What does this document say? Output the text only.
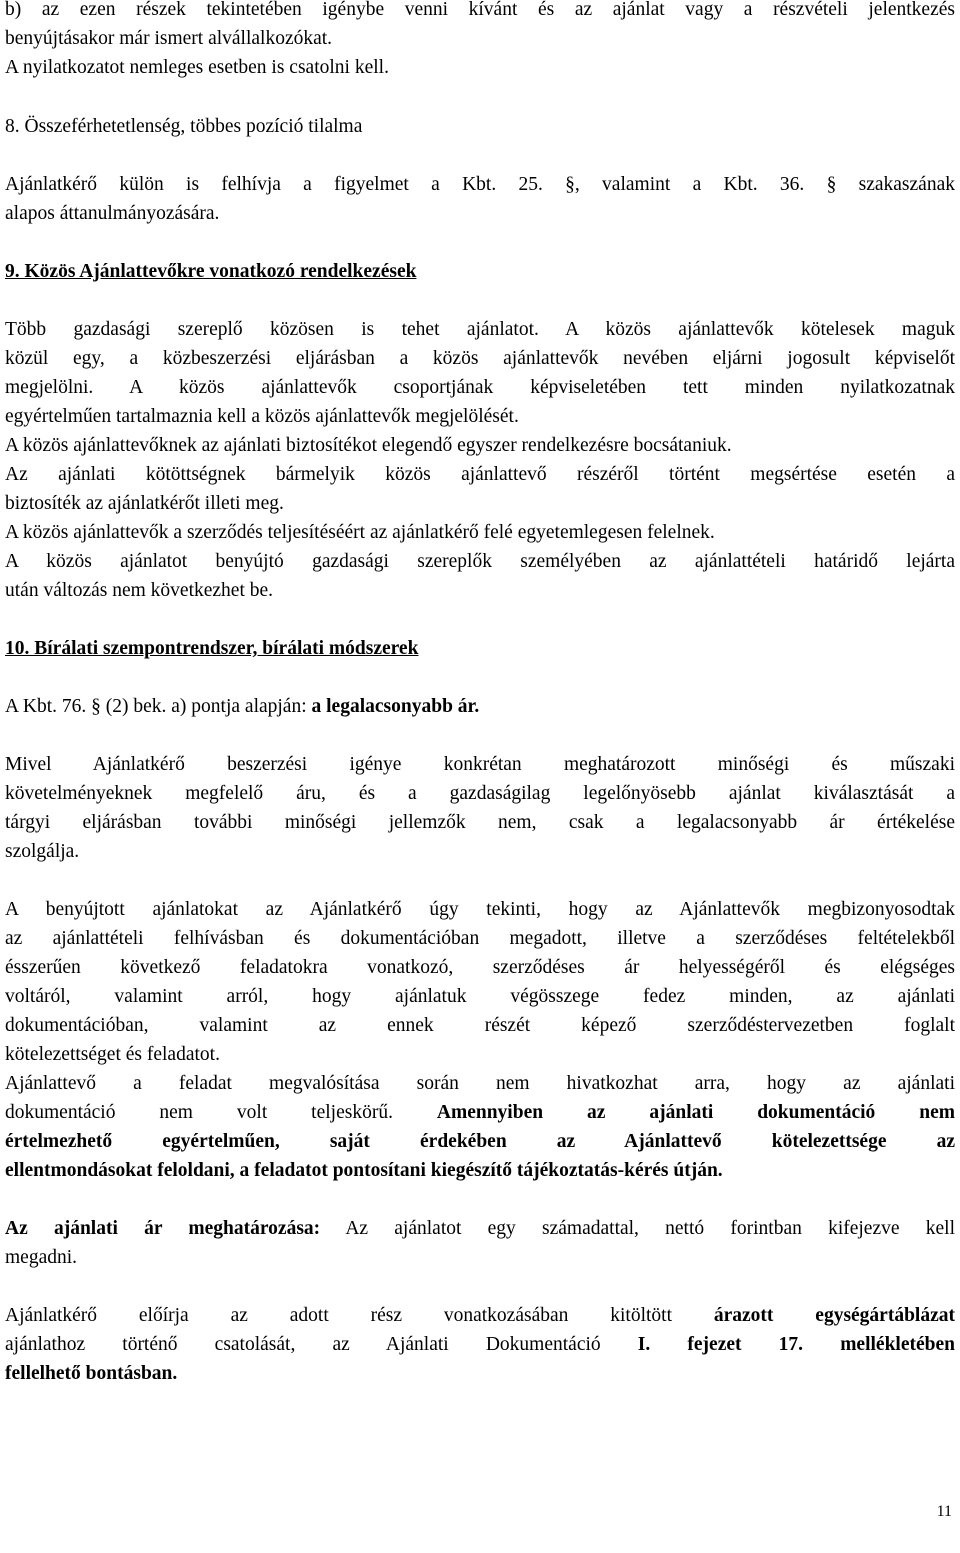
b) az ezen részek tekintetében igénybe venni kívánt és az ajánlat vagy a részvételi jelentkezés
benyújtásakor már ismert alvállalkozókat.
A nyilatkozatot nemleges esetben is csatolni kell.
8. Összeférhetetlenség, többes pozíció tilalma
Ajánlatkérő külön is felhívja a figyelmet a Kbt. 25. §, valamint a Kbt. 36. § szakaszának
alapos áttanulmányozására.
9. Közös Ajánlattevőkre vonatkozó rendelkezések
Több gazdasági szereplő közösen is tehet ajánlatot. A közös ajánlattevők kötelesek maguk
közül egy, a közbeszerzési eljárásban a közös ajánlattevők nevében eljárni jogosult képviselőt
megjelölni. A közös ajánlattevők csoportjának képviseletében tett minden nyilatkozatnak
egyértelműen tartalmaznia kell a közös ajánlattevők megjelölését.
A közös ajánlattevőknek az ajánlati biztosítékot elegendő egyszer rendelkezésre bocsátaniuk.
Az ajánlati kötöttségnek bármelyik közös ajánlattevő részéről történt megsértése esetén a
biztosíték az ajánlatkérőt illeti meg.
A közös ajánlattevők a szerződés teljesítéséért az ajánlatkérő felé egyetemlegesen felelnek.
A közös ajánlatot benyújtó gazdasági szereplők személyében az ajánlattételi határidő lejárta
után változás nem következhet be.
10. Bírálati szempontrendszer, bírálati módszerek
A Kbt. 76. § (2) bek. a) pontja alapján: a legalacsonyabb ár.
Mivel Ajánlatkérő beszerzési igénye konkrétan meghatározott minőségi és műszaki
követelményeknek megfelelő áru, és a gazdaságilag legelőnyösebb ajánlat kiválasztását a
tárgyi eljárásban további minőségi jellemzők nem, csak a legalacsonyabb ár értékelése
szolgálja.
A benyújtott ajánlatokat az Ajánlatkérő úgy tekinti, hogy az Ajánlattevők megbizonyosodtak
az ajánlattételi felhívásban és dokumentációban megadott, illetve a szerződéses feltételekből
ésszerűen következő feladatokra vonatkozó, szerződéses ár helyességéről és elégséges
voltáról, valamint arról, hogy ajánlatuk végösszege fedez minden, az ajánlati
dokumentációban, valamint az ennek részét képező szerződéstervezetben foglalt
kötelezettséget és feladatot.
Ajánlattevő a feladat megvalósítása során nem hivatkozhat arra, hogy az ajánlati
dokumentáció nem volt teljeskörű. Amennyiben az ajánlati dokumentáció nem
értelmezhető egyértelműen, saját érdekében az Ajánlattevő kötelezettsége az
ellentmondásokat feloldani, a feladatot pontosítani kiegészítő tájékoztatás-kérés útján.
Az ajánlati ár meghatározása: Az ajánlatot egy számadattal, nettó forintban kifejezve kell
megadni.
Ajánlatkérő előírja az adott rész vonatkozásában kitöltött árazott egységártáblázat
ajánlathoz történő csatolását, az Ajánlati Dokumentáció I. fejezet 17. mellékletében
fellelhető bontásban.
11
